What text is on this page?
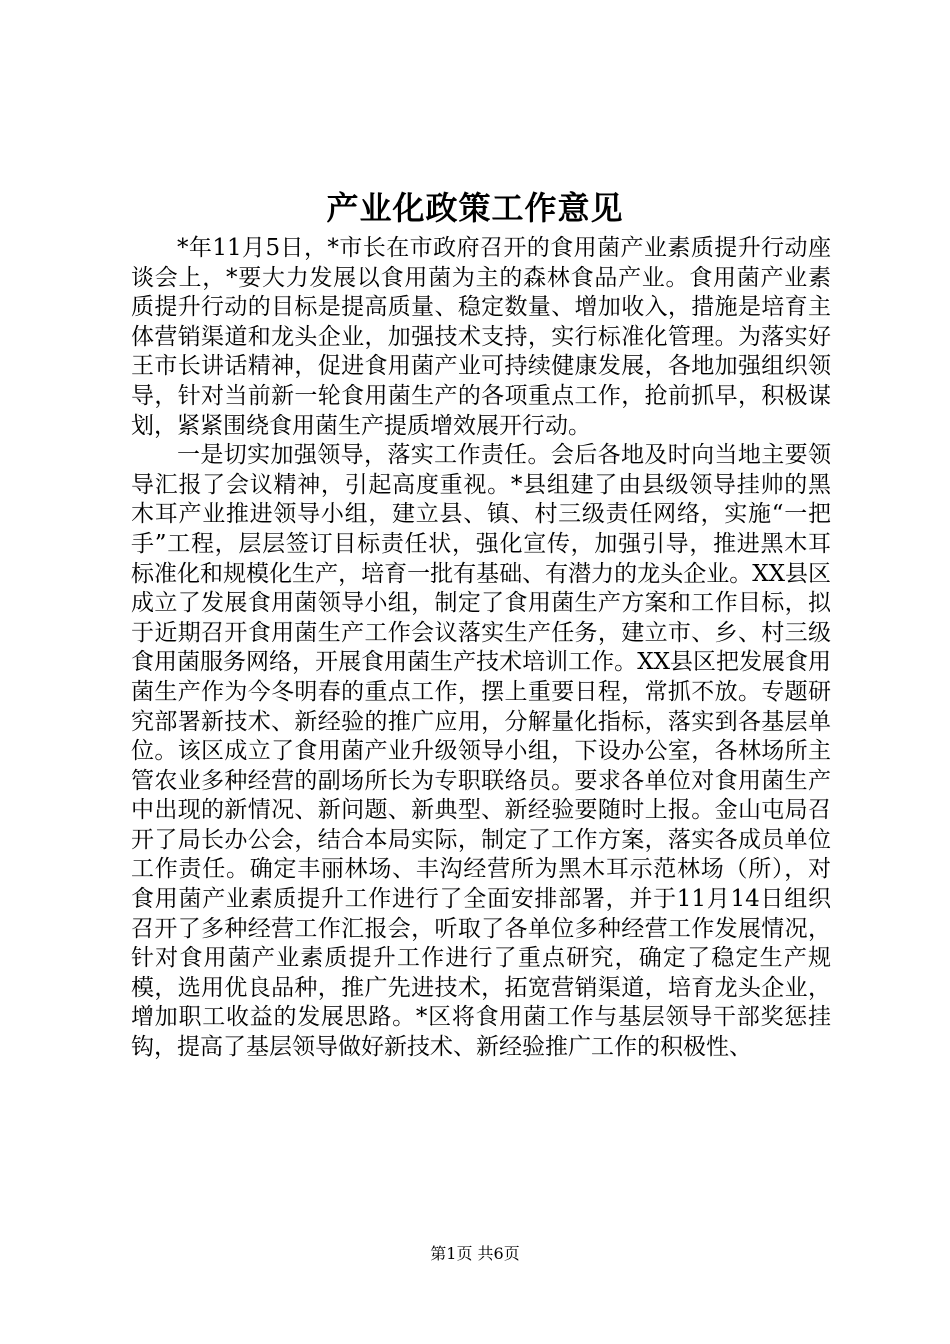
产业化政策工作意见

*年11月5日，*市长在市政府召开的食用菌产业素质提升行动座谈会上，*要大力发展以食用菌为主的森林食品产业。食用菌产业素质提升行动的目标是提高质量、稳定数量、增加收入，措施是培育主体营销渠道和龙头企业，加强技术支持，实行标准化管理。为落实好王市长讲话精神，促进食用菌产业可持续健康发展，各地加强组织领导，针对当前新一轮食用菌生产的各项重点工作，抢前抓早，积极谋划，紧紧围绕食用菌生产提质增效展开行动。

一是切实加强领导，落实工作责任。会后各地及时向当地主要领导汇报了会议精神，引起高度重视。*县组建了由县级领导挂帅的黑木耳产业推进领导小组，建立县、镇、村三级责任网络，实施“一把手”工程，层层签订目标责任状，强化宣传，加强引导，推进黑木耳标准化和规模化生产，培育一批有基础、有潜力的龙头企业。XX县区成立了发展食用菌领导小组，制定了食用菌生产方案和工作目标，拟于近期召开食用菌生产工作会议落实生产任务，建立市、乡、村三级食用菌服务网络，开展食用菌生产技术培训工作。XX县区把发展食用菌生产作为今冬明春的重点工作，摆上重要日程，常抓不放。专题研究部署新技术、新经验的推广应用，分解量化指标，落实到各基层单位。该区成立了食用菌产业升级领导小组，下设办公室，各林场所主管农业多种经营的副场所长为专职联络员。要求各单位对食用菌生产中出现的新情况、新问题、新典型、新经验要随时上报。金山屯局召开了局长办公会，结合本局实际，制定了工作方案，落实各成员单位工作责任。确定丰丽林场、丰沟经营所为黑木耳示范林场（所），对食用菌产业素质提升工作进行了全面安排部署，并于11月14日组织召开了多种经营工作汇报会，听取了各单位多种经营工作发展情况，针对食用菌产业素质提升工作进行了重点研究，确定了稳定生产规模，选用优良品种，推广先进技术，拓宽营销渠道，培育龙头企业，增加职工收益的发展思路。*区将食用菌工作与基层领导干部奖惩挂钩，提高了基层领导做好新技术、新经验推广工作的积极性、

第1页 共6页
